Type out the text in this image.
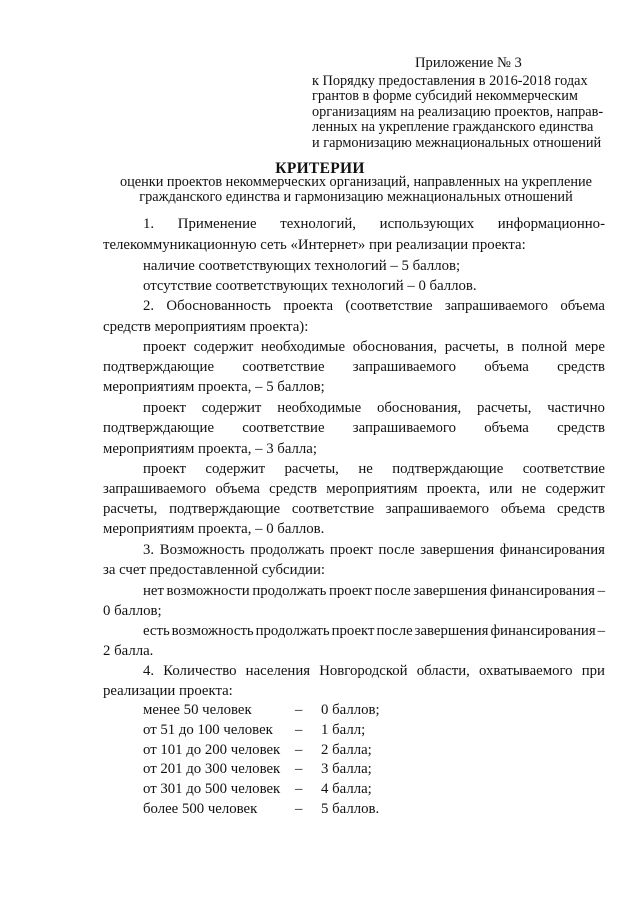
Приложение № 3
к Порядку предоставления в 2016-2018 годах
грантов в форме субсидий некоммерческим
организациям на реализацию проектов, направ-
ленных на укрепление гражданского единства
и гармонизацию межнациональных отношений
КРИТЕРИИ
оценки проектов некоммерческих организаций, направленных на укрепление
гражданского единства и гармонизацию межнациональных отношений
1. Применение технологий, использующих информационно-
телекоммуникационную сеть «Интернет» при реализации проекта:
наличие соответствующих технологий – 5 баллов;
отсутствие соответствующих технологий – 0 баллов.
2. Обоснованность проекта (соответствие запрашиваемого объема
средств мероприятиям проекта):
проект содержит необходимые обоснования, расчеты, в полной мере
подтверждающие соответствие запрашиваемого объема средств
мероприятиям проекта, – 5 баллов;
проект содержит необходимые обоснования, расчеты, частично
подтверждающие соответствие запрашиваемого объема средств
мероприятиям проекта, – 3 балла;
проект содержит расчеты, не подтверждающие соответствие
запрашиваемого объема средств мероприятиям проекта, или не содержит
расчеты, подтверждающие соответствие запрашиваемого объема средств
мероприятиям проекта, – 0 баллов.
3. Возможность продолжать проект после завершения финансирования
за счет предоставленной субсидии:
нет возможности продолжать проект после завершения финансирования –
0 баллов;
есть возможность продолжать проект после завершения финансирования –
2 балла.
4. Количество населения Новгородской области, охватываемого при
реализации проекта:
менее 50 человек	– 0 баллов;
от 51 до 100 человек – 1 балл;
от 101 до 200 человек – 2 балла;
от 201 до 300 человек – 3 балла;
от 301 до 500 человек – 4 балла;
более 500 человек	– 5 баллов.
